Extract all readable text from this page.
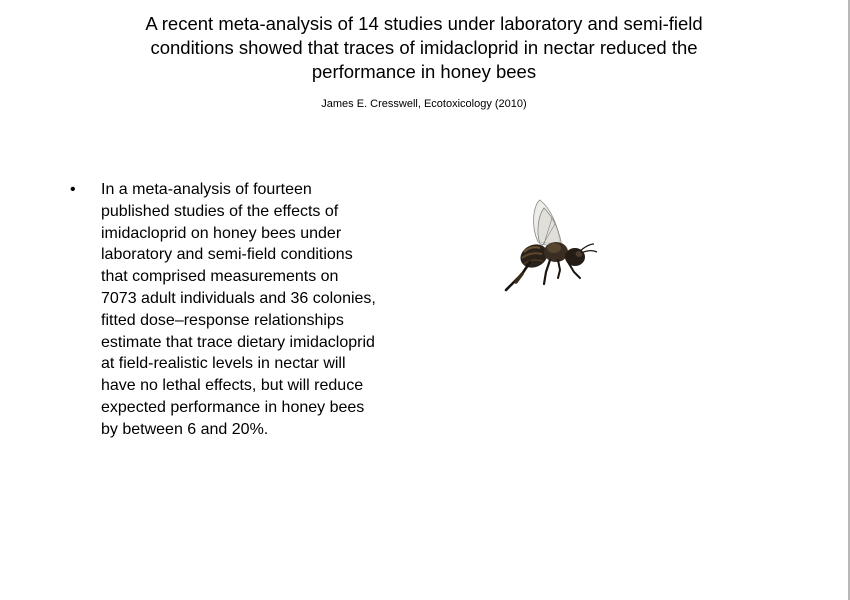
A recent meta-analysis of 14 studies under laboratory and semi-field
conditions showed that traces of imidacloprid in nectar reduced the
performance in honey bees
James E. Cresswell, Ecotoxicology (2010)
• In a meta-analysis of fourteen
published studies of the effects of
imidacloprid on honey bees under
laboratory and semi-field conditions
that comprised measurements on
7073 adult individuals and 36 colonies,
fitted dose–response relationships
estimate that trace dietary imidacloprid
at field-realistic levels in nectar will
have no lethal effects, but will reduce
expected performance in honey bees
by between 6 and 20%.
